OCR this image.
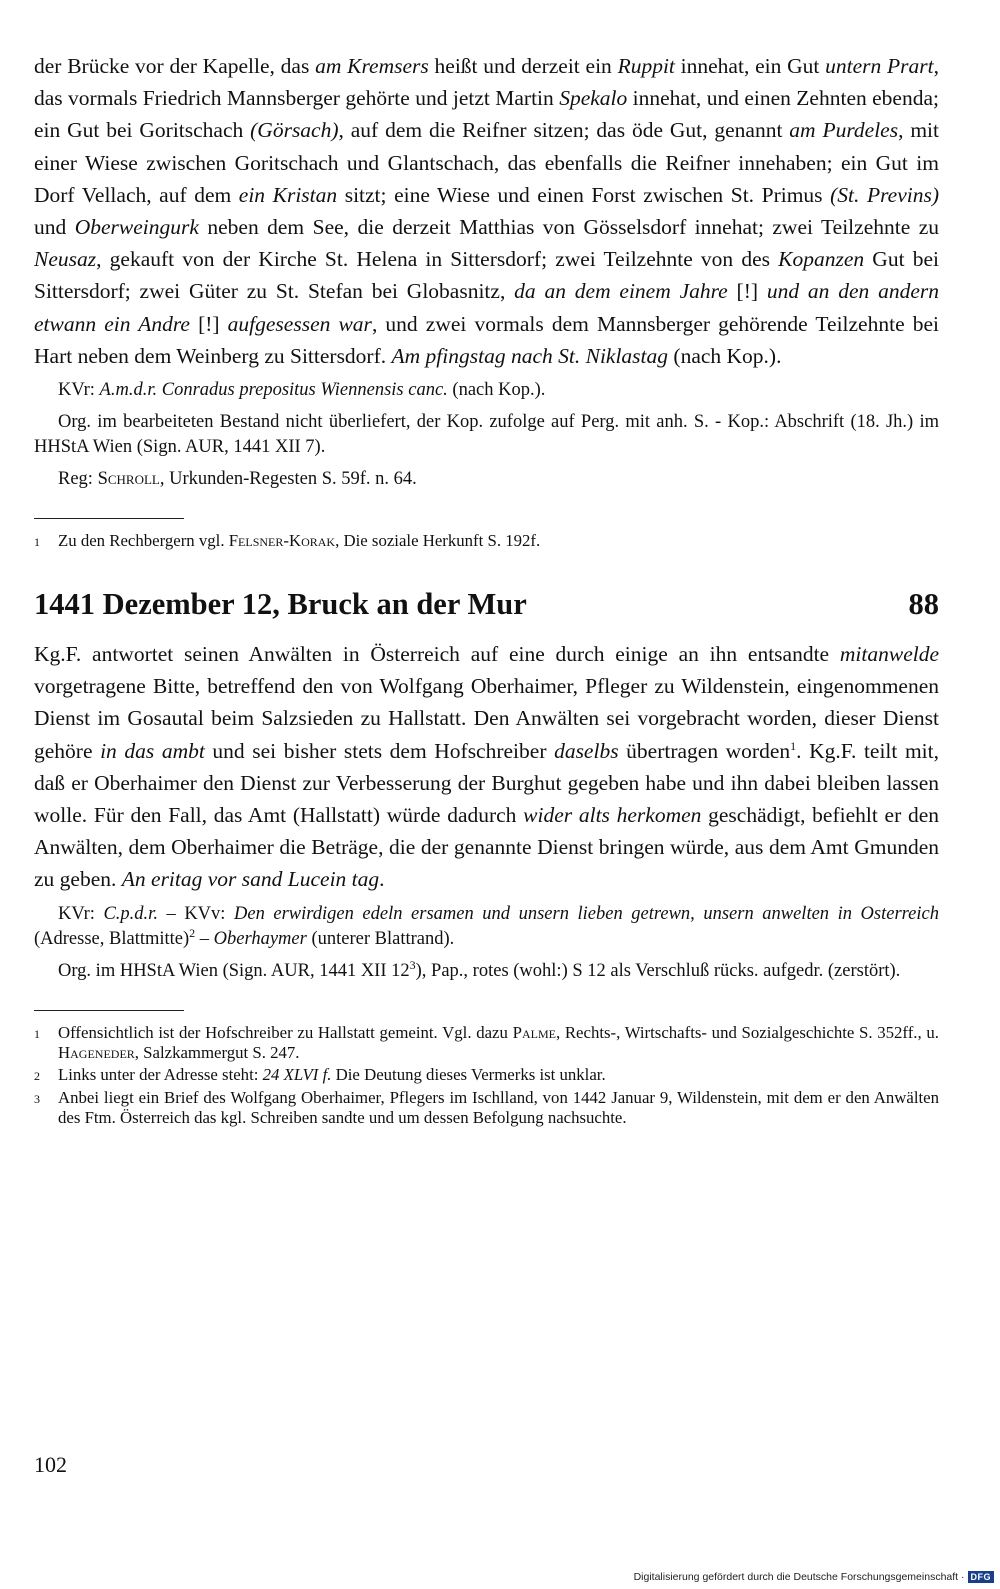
der Brücke vor der Kapelle, das am Kremsers heißt und derzeit ein Ruppit innehat, ein Gut untern Prart, das vormals Friedrich Mannsberger gehörte und jetzt Martin Spekalo innehat, und einen Zehnten ebenda; ein Gut bei Goritschach (Görsach), auf dem die Reifner sitzen; das öde Gut, genannt am Purdeles, mit einer Wiese zwischen Goritschach und Glantschach, das ebenfalls die Reifner innehaben; ein Gut im Dorf Vellach, auf dem ein Kristan sitzt; eine Wiese und einen Forst zwischen St. Primus (St. Previns) und Oberweingurk neben dem See, die derzeit Matthias von Gösselsdorf innehat; zwei Teilzehnte zu Neusaz, gekauft von der Kirche St. Helena in Sittersdorf; zwei Teilzehnte von des Kopanzen Gut bei Sittersdorf; zwei Güter zu St. Stefan bei Globasnitz, da an dem einem Jahre [!] und an den andern etwann ein Andre [!] aufgesessen war, und zwei vormals dem Mannsberger gehörende Teilzehnte bei Hart neben dem Weinberg zu Sittersdorf. Am pfingstag nach St. Niklastag (nach Kop.).

KVr: A.m.d.r. Conradus prepositus Wiennensis canc. (nach Kop.).

Org. im bearbeiteten Bestand nicht überliefert, der Kop. zufolge auf Perg. mit anh. S. - Kop.: Abschrift (18. Jh.) im HHStA Wien (Sign. AUR, 1441 XII 7).

Reg: Schroll, Urkunden-Regesten S. 59f. n. 64.

1	Zu den Rechbergern vgl. Felsner-Korak, Die soziale Herkunft S. 192f.
1441 Dezember 12, Bruck an der Mur	88

Kg.F. antwortet seinen Anwälten in Österreich auf eine durch einige an ihn entsandte mitanwelde vorgetragene Bitte, betreffend den von Wolfgang Oberhaimer, Pfleger zu Wildenstein, eingenommenen Dienst im Gosautal beim Salzsieden zu Hallstatt. Den Anwälten sei vorgebracht worden, dieser Dienst gehöre in das ambt und sei bisher stets dem Hofschreiber daselbs übertragen worden$^1$. Kg.F. teilt mit, daß er Oberhaimer den Dienst zur Verbesserung der Burghut gegeben habe und ihn dabei bleiben lassen wolle. Für den Fall, das Amt (Hallstatt) würde dadurch wider alts herkomen geschädigt, befiehlt er den Anwälten, dem Oberhaimer die Beträge, die der genannte Dienst bringen würde, aus dem Amt Gmunden zu geben. An eritag vor sand Lucein tag.

KVr: C.p.d.r. – KVv: Den erwirdigen edeln ersamen und unsern lieben getrewn, unsern anwelten in Osterreich (Adresse, Blattmitte)$^2$ – Oberhaymer (unterer Blattrand).

Org. im HHStA Wien (Sign. AUR, 1441 XII $12^3$), Pap., rotes (wohl:) S 12 als Verschluß rücks. aufgedr. (zerstört).

1	Offensichtlich ist der Hofschreiber zu Hallstatt gemeint. Vgl. dazu Palme, Rechts-, Wirtschafts- und Sozialgeschichte S. 352ff., u. Hageneder, Salzkammergut S. 247.
2	Links unter der Adresse steht: 24 XLVI f. Die Deutung dieses Vermerks ist unklar.
3	Anbei liegt ein Brief des Wolfgang Oberhaimer, Pflegers im Ischlland, von 1442 Januar 9, Wildenstein, mit dem er den Anwälten des Ftm. Österreich das kgl. Schreiben sandte und um dessen Befolgung nachsuchte.
102
Digitalisierung gefördert durch die Deutsche Forschungsgemeinschaft · DFG
